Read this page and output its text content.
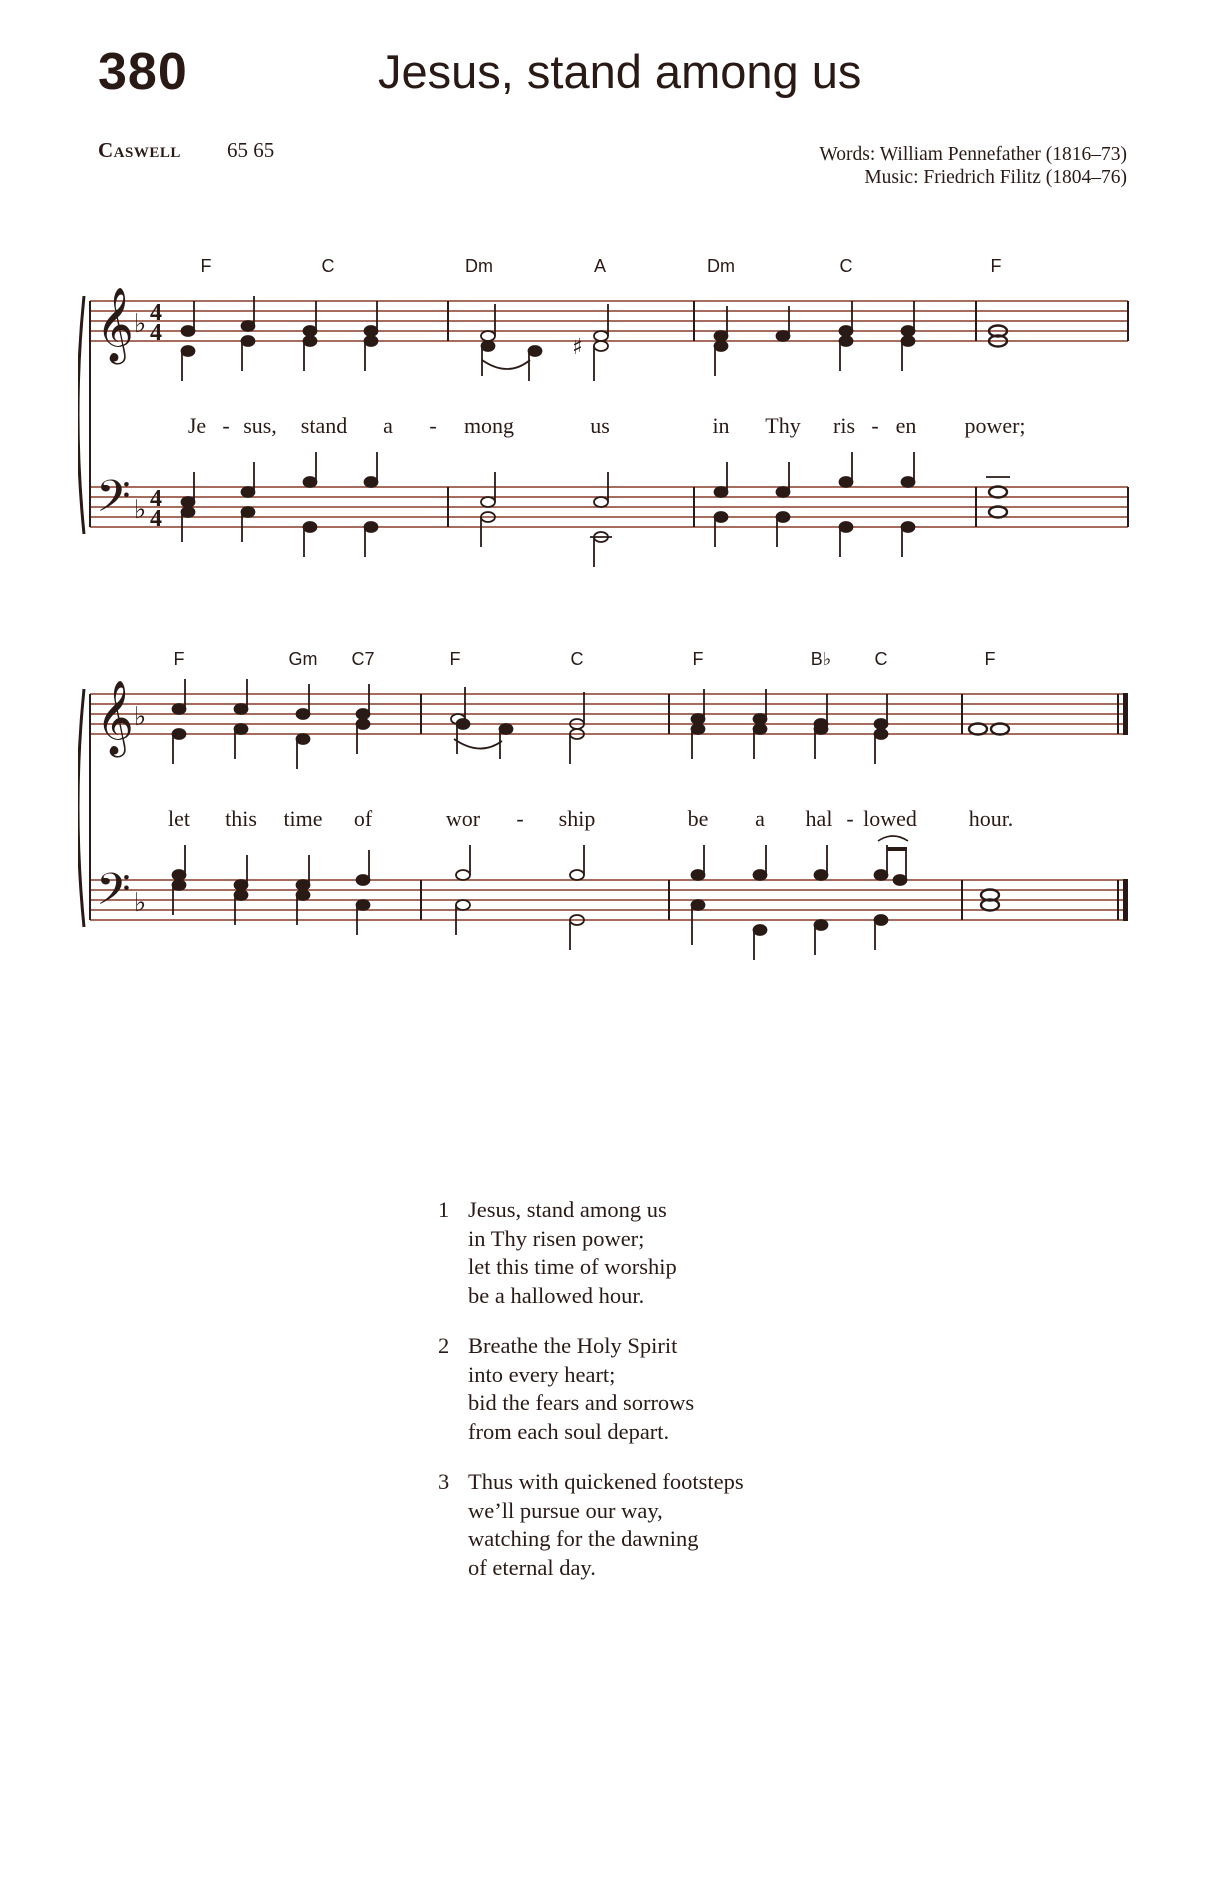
380	Jesus, stand among us
Caswell 65 65	Words: William Pennefather (1816–73)
Music: Friedrich Filitz (1804–76)
F	C	Dm	A	Dm	C	F
𝄞
𝄢
♭
♭
4
4
4
4
♯
Je - sus, stand a - mong	us	in Thy ris - en power;
F	Gm C7	F	C	F	B♭ C	F
𝄞
𝄢
♭
♭
let this time of	wor - ship	be a hal - lowed hour.
1 Jesus, stand among us
in Thy risen power;
let this time of worship
be a hallowed hour.
2 Breathe the Holy Spirit
into every heart;
bid the fears and sorrows
from each soul depart.
3 Thus with quickened footsteps
we’ll pursue our way,
watching for the dawning
of eternal day.
